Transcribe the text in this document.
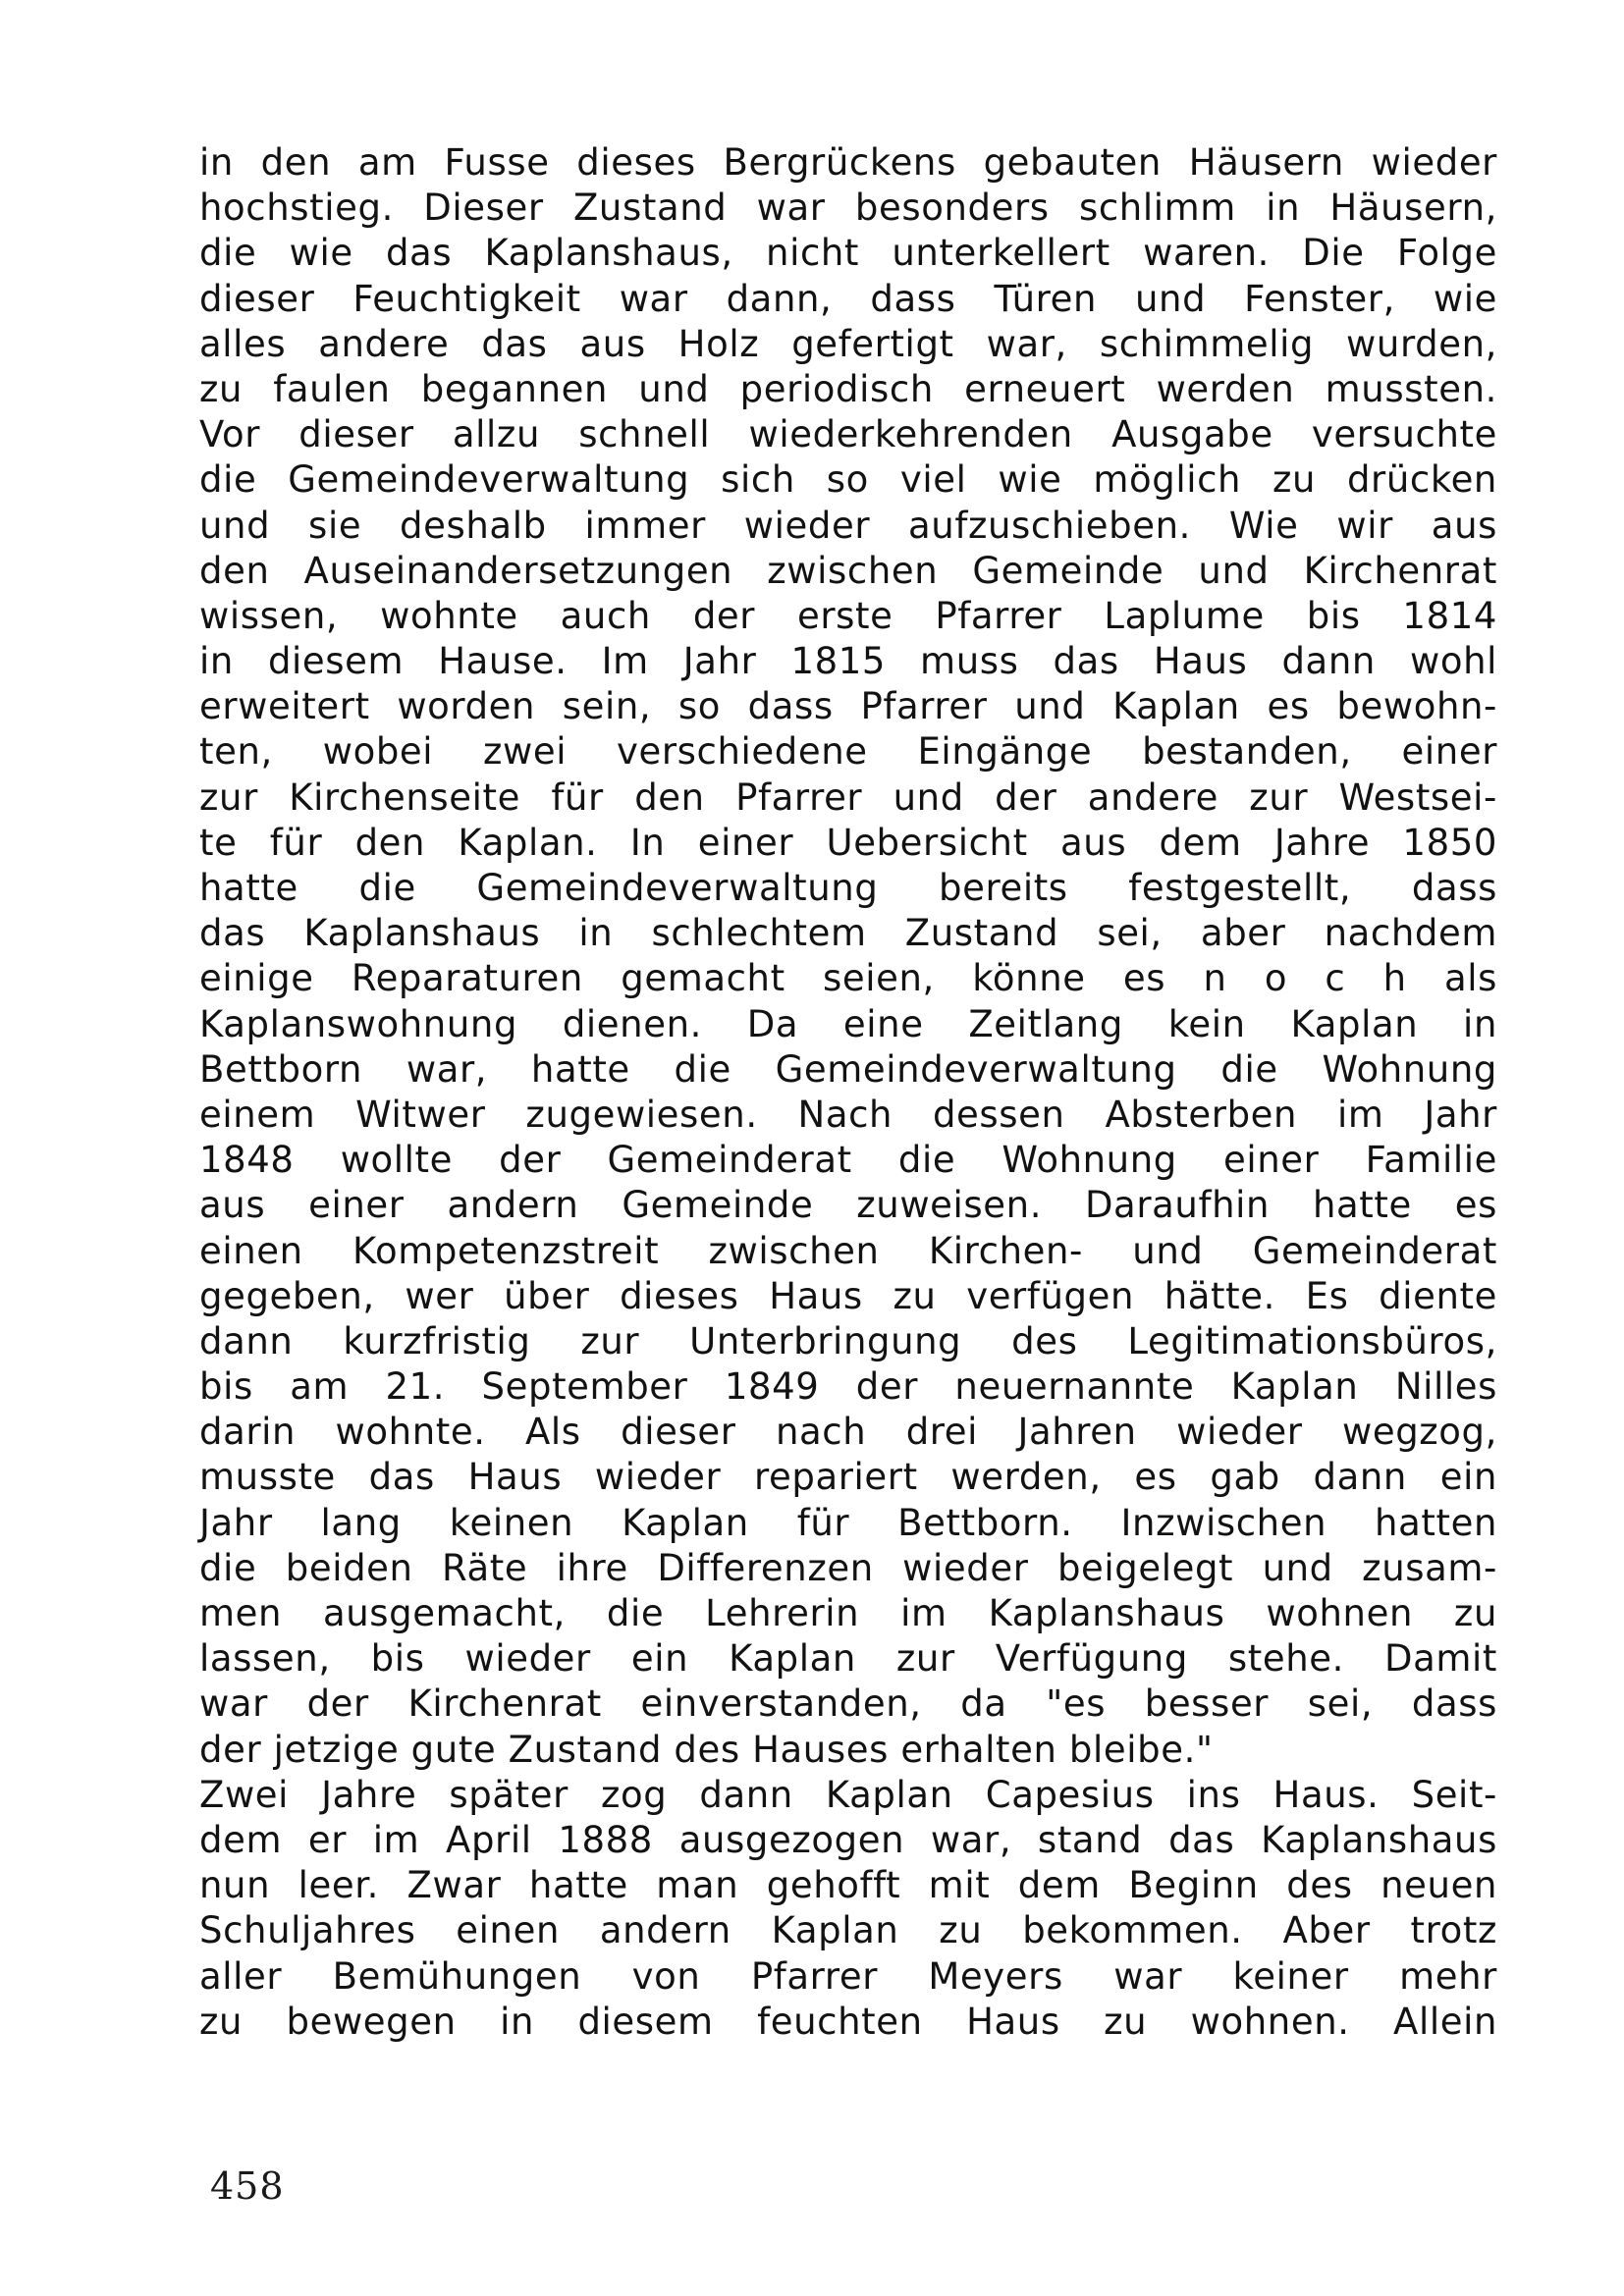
in den am Fusse dieses Bergrückens gebauten Häusern wieder
hochstieg. Dieser Zustand war besonders schlimm in Häusern,
die wie das Kaplanshaus, nicht unterkellert waren. Die Folge
dieser Feuchtigkeit war dann, dass Türen und Fenster, wie
alles andere das aus Holz gefertigt war, schimmelig wurden,
zu faulen begannen und periodisch erneuert werden mussten.
Vor dieser allzu schnell wiederkehrenden Ausgabe versuchte
die Gemeindeverwaltung sich so viel wie möglich zu drücken
und sie deshalb immer wieder aufzuschieben. Wie wir aus
den Auseinandersetzungen zwischen Gemeinde und Kirchenrat
wissen, wohnte auch der erste Pfarrer Laplume bis 1814
in diesem Hause. Im Jahr 1815 muss das Haus dann wohl
erweitert worden sein, so dass Pfarrer und Kaplan es bewohn-
ten, wobei zwei verschiedene Eingänge bestanden, einer
zur Kirchenseite für den Pfarrer und der andere zur Westsei-
te für den Kaplan. In einer Uebersicht aus dem Jahre 1850
hatte die Gemeindeverwaltung bereits festgestellt, dass
das Kaplanshaus in schlechtem Zustand sei, aber nachdem
einige Reparaturen gemacht seien, könne es n o c h als
Kaplanswohnung dienen. Da eine Zeitlang kein Kaplan in
Bettborn war, hatte die Gemeindeverwaltung die Wohnung
einem Witwer zugewiesen. Nach dessen Absterben im Jahr
1848 wollte der Gemeinderat die Wohnung einer Familie
aus einer andern Gemeinde zuweisen. Daraufhin hatte es
einen Kompetenzstreit zwischen Kirchen- und Gemeinderat
gegeben, wer über dieses Haus zu verfügen hätte. Es diente
dann kurzfristig zur Unterbringung des Legitimationsbüros,
bis am 21. September 1849 der neuernannte Kaplan Nilles
darin wohnte. Als dieser nach drei Jahren wieder wegzog,
musste das Haus wieder repariert werden, es gab dann ein
Jahr lang keinen Kaplan für Bettborn. Inzwischen hatten
die beiden Räte ihre Differenzen wieder beigelegt und zusam-
men ausgemacht, die Lehrerin im Kaplanshaus wohnen zu
lassen, bis wieder ein Kaplan zur Verfügung stehe. Damit
war der Kirchenrat einverstanden, da "es besser sei, dass
der jetzige gute Zustand des Hauses erhalten bleibe."
Zwei Jahre später zog dann Kaplan Capesius ins Haus. Seit-
dem er im April 1888 ausgezogen war, stand das Kaplanshaus
nun leer. Zwar hatte man gehofft mit dem Beginn des neuen
Schuljahres einen andern Kaplan zu bekommen. Aber trotz
aller Bemühungen von Pfarrer Meyers war keiner mehr
zu bewegen in diesem feuchten Haus zu wohnen. Allein
458
